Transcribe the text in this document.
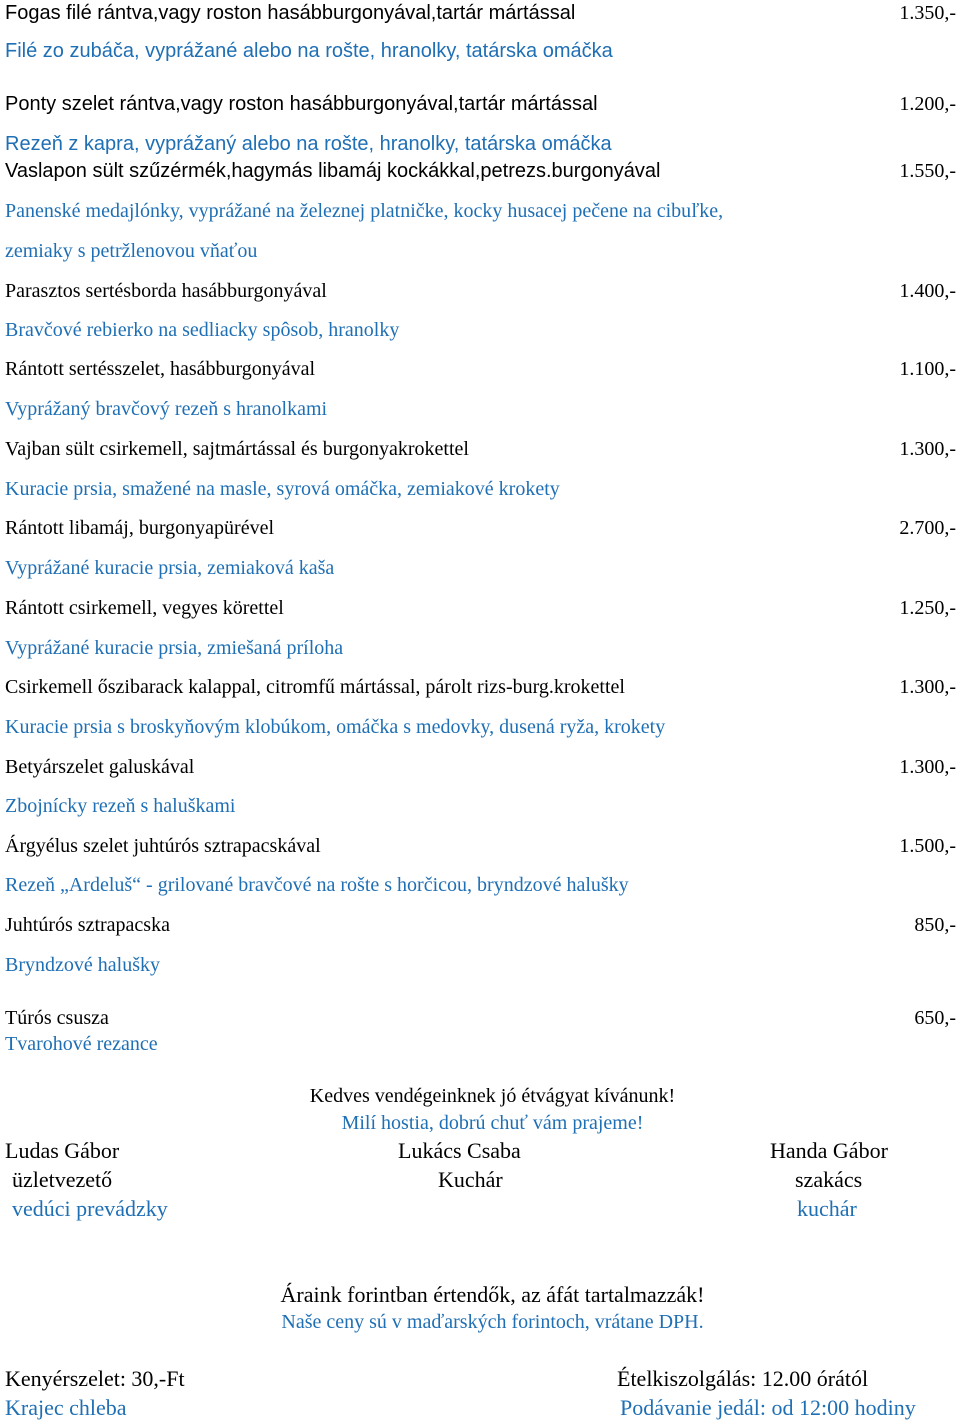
Fogas filé rántva,vagy roston hasábburgonyával,tartár mártással	1.350,-
Filé zo zubáča, vyprážané alebo na rošte, hranolky, tatárska omáčka
Ponty szelet rántva,vagy roston hasábburgonyával,tartár mártással	1.200,-
Rezeň z kapra, vyprážaný alebo na rošte, hranolky, tatárska omáčka
Vaslapon sült szűzérmék,hagymás libamáj kockákkal,petrezs.burgonyával	1.550,-
Panenské medajlónky, vyprážané na železnej platničke, kocky husacej pečene na cibuľke,
zemiaky s petržlenovou vňaťou
Parasztos sertésborda hasábburgonyával	1.400,-
Bravčové rebierko na sedliacky spôsob, hranolky
Rántott sertésszelet, hasábburgonyával	1.100,-
Vyprážaný bravčový rezeň s hranolkami
Vajban sült csirkemell, sajtmártással és burgonyakrokettel	1.300,-
Kuracie prsia, smažené na masle, syrová omáčka, zemiakové krokety
Rántott libamáj, burgonyapürével	2.700,-
Vyprážané kuracie prsia, zemiaková kaša
Rántott csirkemell, vegyes körettel	1.250,-
Vyprážané kuracie prsia, zmiešaná príloha
Csirkemell őszibarack kalappal, citromfű mártással, párolt rizs-burg.krokettel	1.300,-
Kuracie prsia s broskyňovým klobúkom, omáčka s medovky, dusená ryža, krokety
Betyárszelet galuskával	1.300,-
Zbojnícky rezeň s haluškami
Árgyélus szelet juhtúrós sztrapacskával	1.500,-
Rezeň „Ardeluš“ - grilované bravčové na rošte s horčicou, bryndzové halušky
Juhtúrós sztrapacska	850,-
Bryndzové halušky
Túrós csusza	650,-
Tvarohové rezance
Kedves vendégeinknek jó étvágyat kívánunk!
Milí hostia, dobrú chuť vám prajeme!
Ludas Gábor
üzletvezető
vedúci prevádzky
Lukács Csaba
Kuchár
Handa Gábor
szakács
kuchár
Áraink forintban értendők, az áfát tartalmazzák!
Naše ceny sú v maďarských forintoch, vrátane DPH.
Kenyérszelet: 30,-Ft
Krajec chleba
Ételkiszolgálás: 12.00 órától
Podávanie jedál: od 12:00 hodiny
